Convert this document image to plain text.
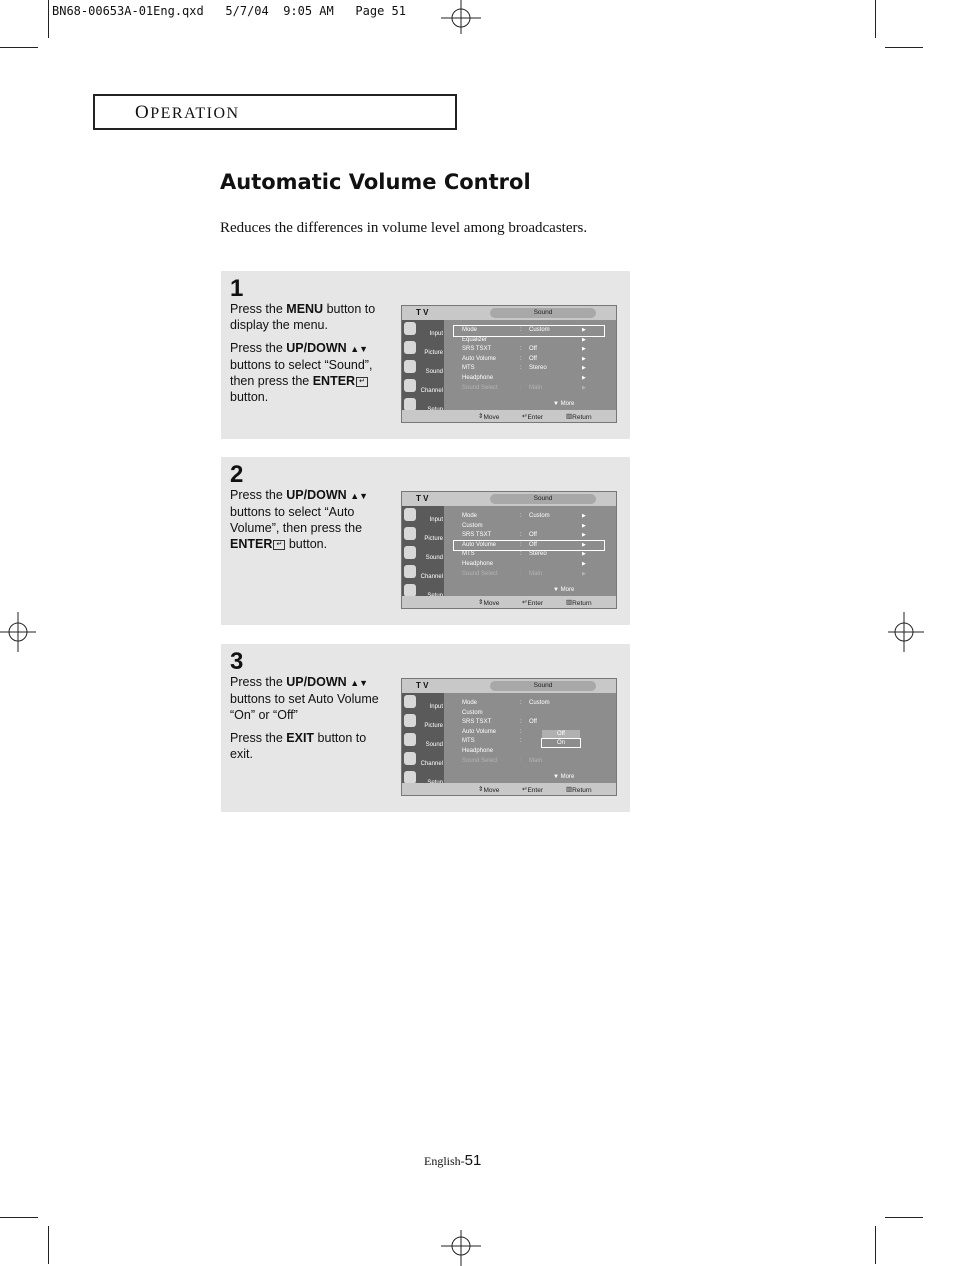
BN68-00653A-01Eng.qxd   5/7/04  9:05 AM   Page 51
OPERATION
Automatic Volume Control
Reduces the differences in volume level among broadcasters.
1

Press the MENU button to display the menu.

Press the UP/DOWN ▲▼ buttons to select “Sound”, then press the ENTER ↵ button.

T V	Sound
Input
Picture
Sound
Channel
Mode	: Custom	▶
Equalizer	▶
SRS TSXT	: Off	▶
Auto Volume	: Off	▶
MTS	: Stereo	▶
Headphone	▶
Sound Select	: Main	▶
▼ More
⇕ Move	↵ Enter	▥ Return
2

Press the UP/DOWN ▲▼ buttons to select “Auto Volume”, then press the ENTER ↵ button.

T V	Sound
Input
Picture
Sound
Channel
Mode	: Custom	▶
Custom	▶
SRS TSXT	: Off	▶
Auto Volume	: Off	▶
MTS	: Stereo	▶
Headphone	▶
Sound Select	: Main	▶
▼ More
⇕ Move	↵ Enter	▥ Return
3

Press the UP/DOWN ▲▼ buttons to set Auto Volume “On” or “Off”

Press the EXIT button to exit.

T V	Sound
Input
Picture
Sound
Channel
Mode	: Custom
Custom
SRS TSXT	: Off
Auto Volume	:
MTS	:
Headphone
Sound Select	: Main
Off
On
▼ More
⇕ Move	↵ Enter	▥ Return
English-51
